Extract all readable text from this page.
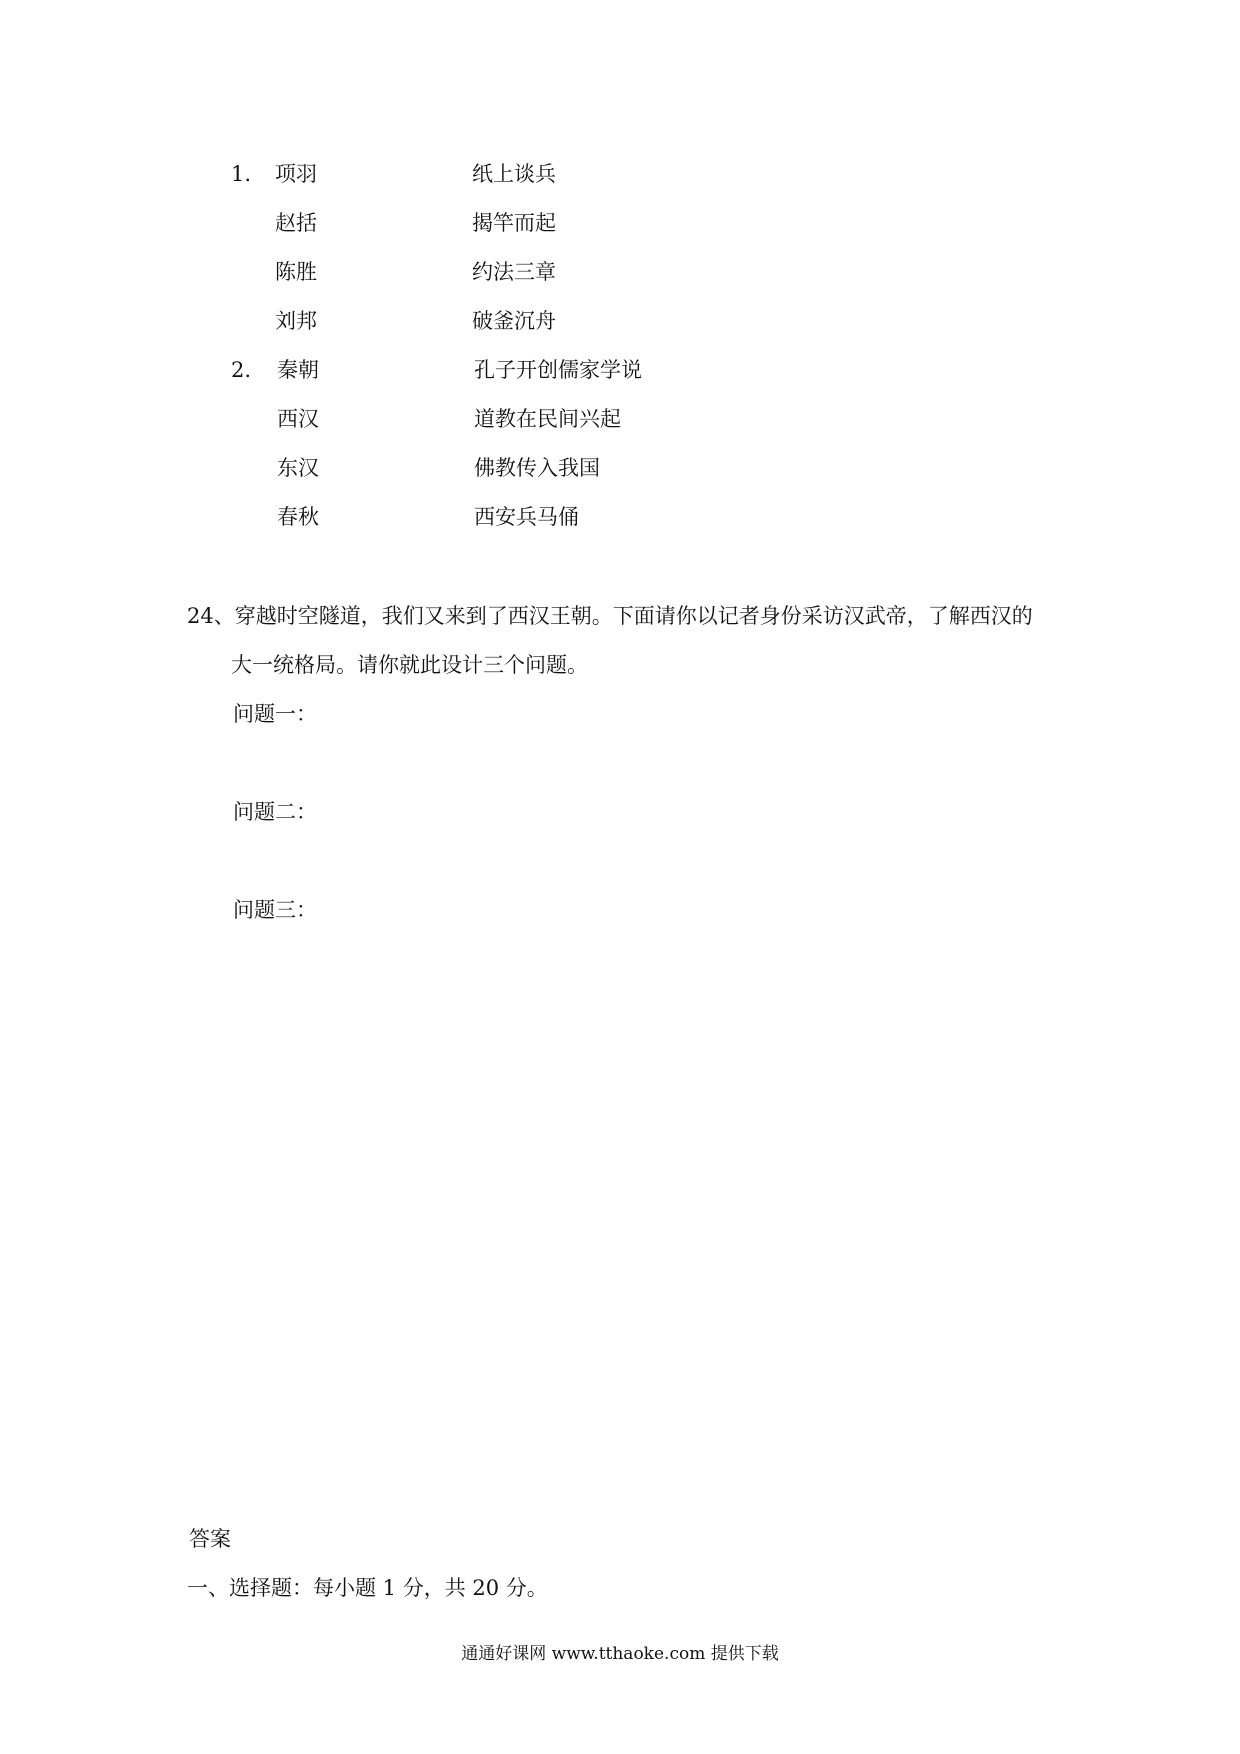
1. 项羽
赵括
陈胜
刘邦
纸上谈兵
揭竿而起
约法三章
破釜沉舟
2. 秦朝
西汉
东汉
春秋
孔子开创儒家学说
道教在民间兴起
佛教传入我国
西安兵马俑
24、穿越时空隧道，我们又来到了西汉王朝。下面请你以记者身份采访汉武帝，了解西汉的
大一统格局。请你就此设计三个问题。
问题一：
问题二：
问题三：
答案
一、选择题：每小题 1 分，共 20 分。
通通好课网 www.tthaoke.com 提供下载
